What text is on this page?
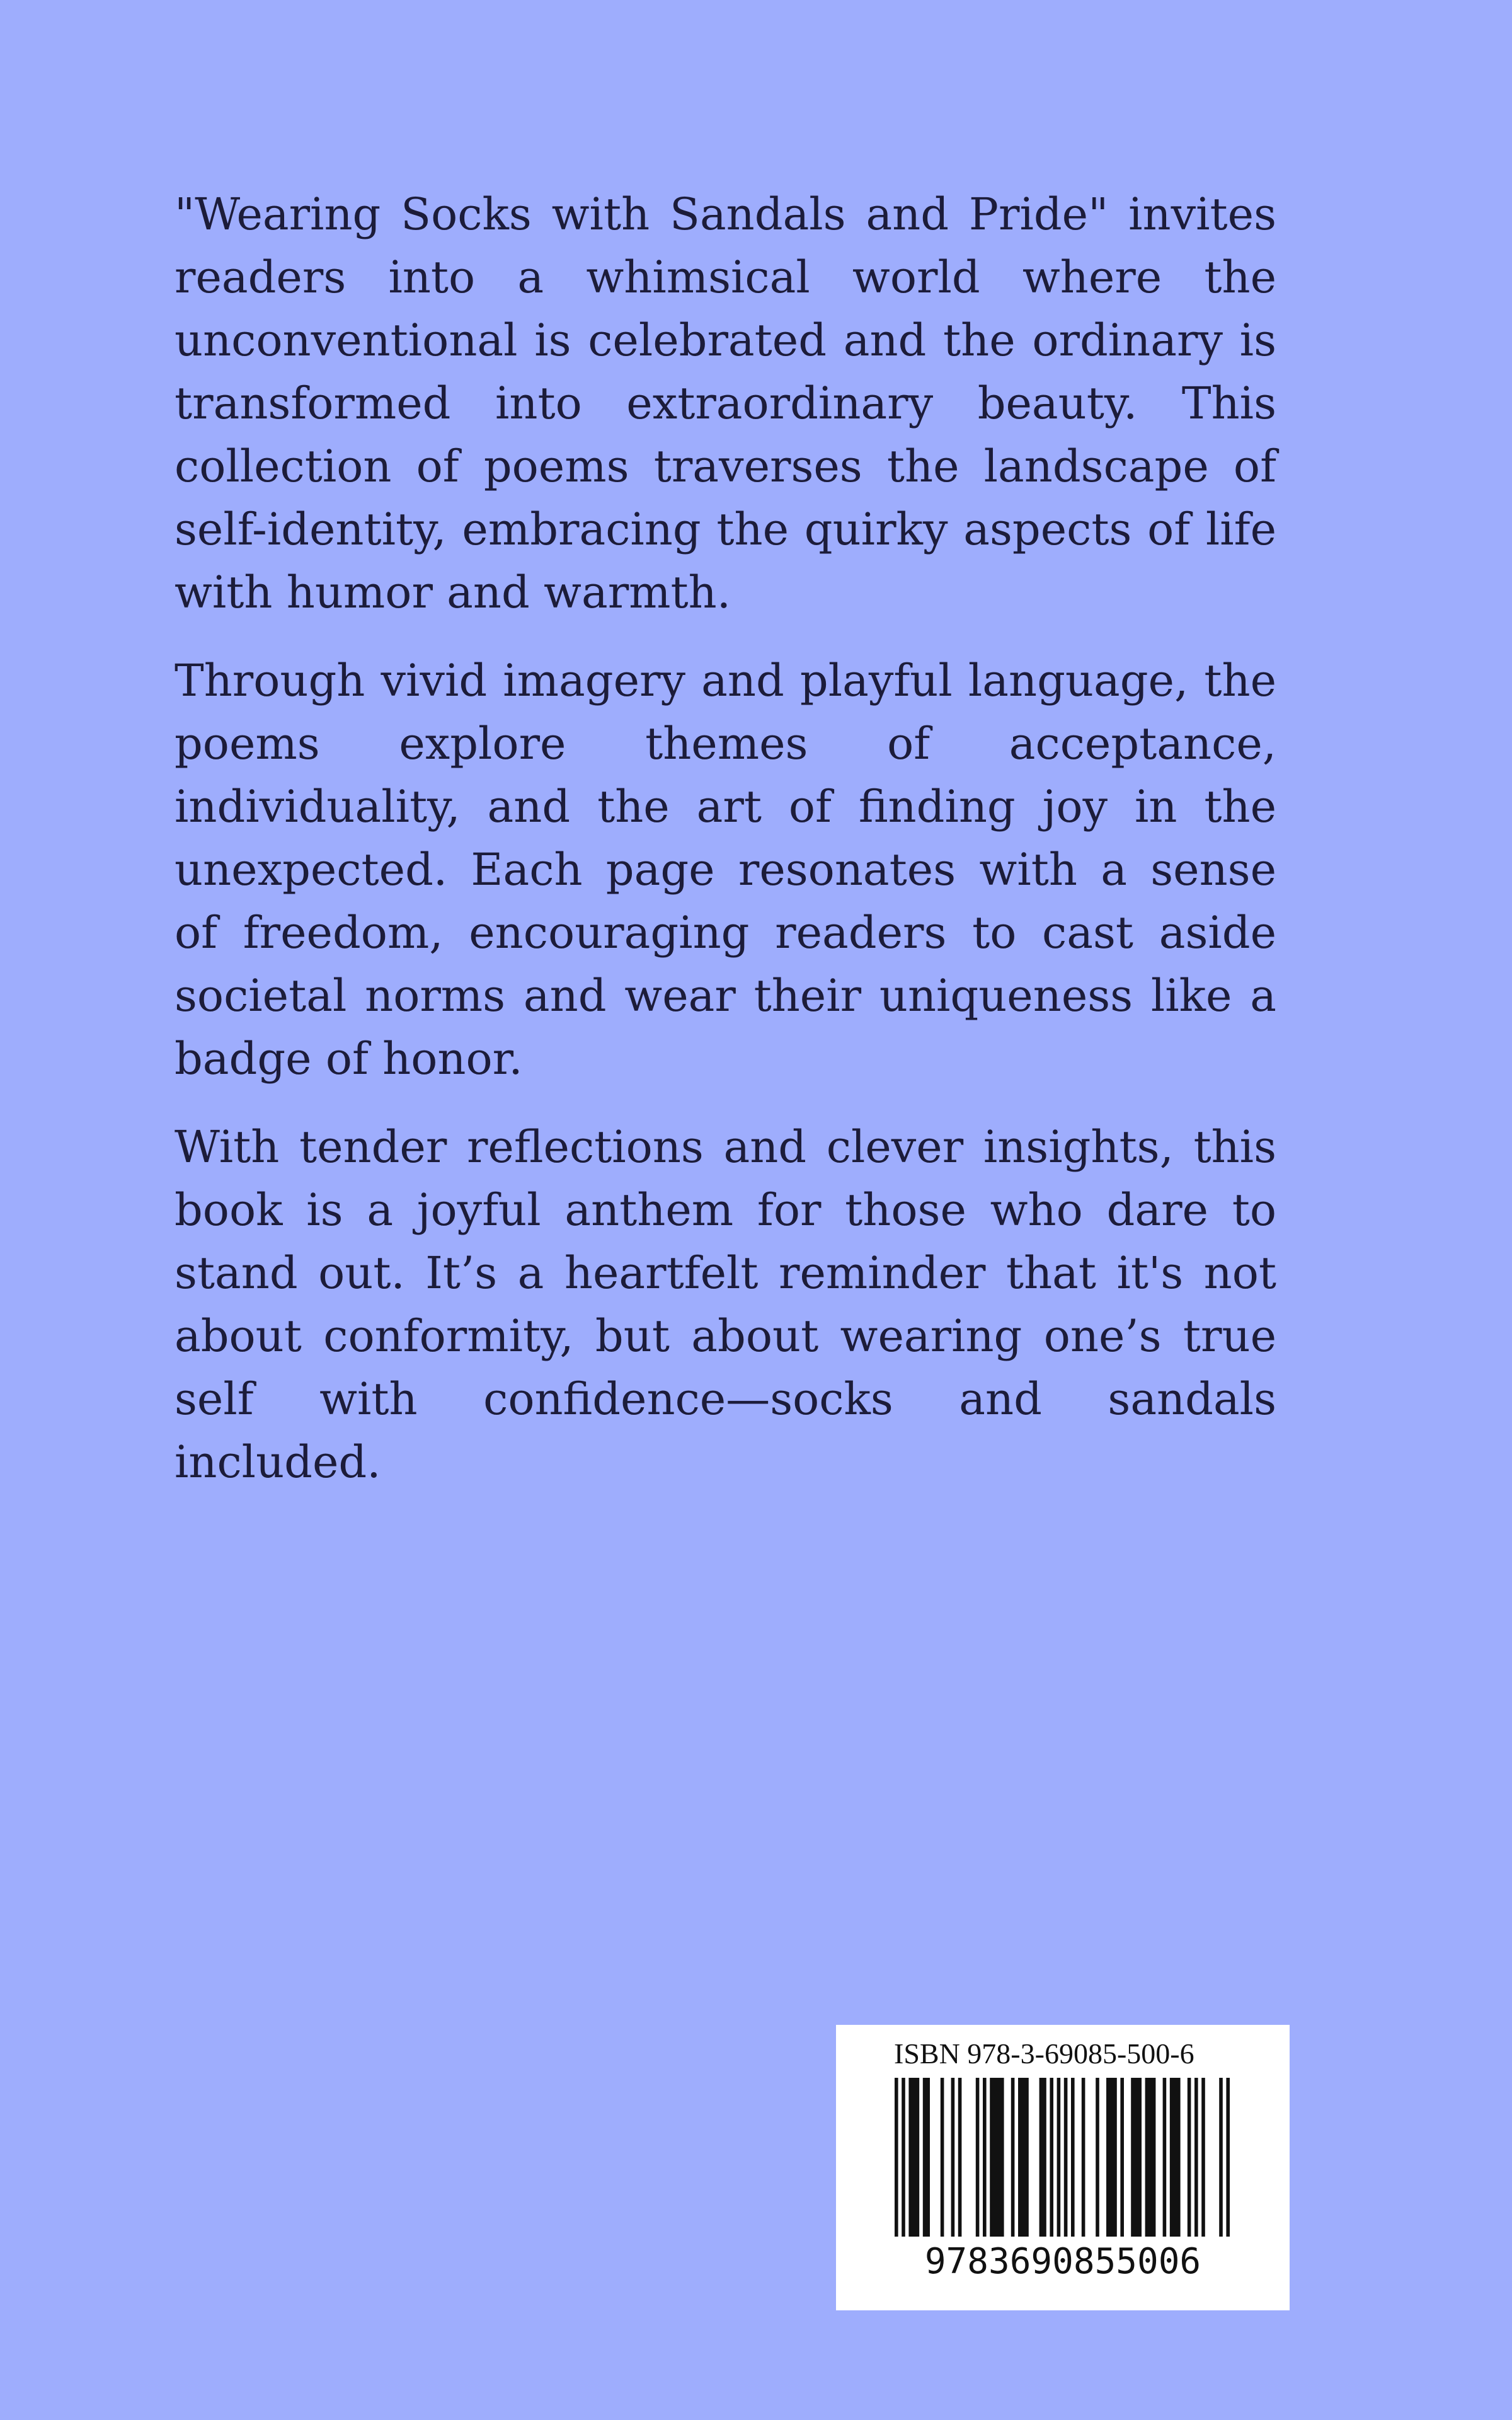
"Wearing Socks with Sandals and Pride" invites readers into a whimsical world where the unconventional is celebrated and the ordinary is transformed into extraordinary beauty. This collection of poems traverses the landscape of self-identity, embracing the quirky aspects of life with humor and warmth.

Through vivid imagery and playful language, the poems explore themes of acceptance, individuality, and the art of finding joy in the unexpected. Each page resonates with a sense of freedom, encouraging readers to cast aside societal norms and wear their uniqueness like a badge of honor.

With tender reflections and clever insights, this book is a joyful anthem for those who dare to stand out. It’s a heartfelt reminder that it's not about conformity, but about wearing one’s true self with confidence—socks and sandals included.

ISBN 978-3-69085-500-6
9783690855006
